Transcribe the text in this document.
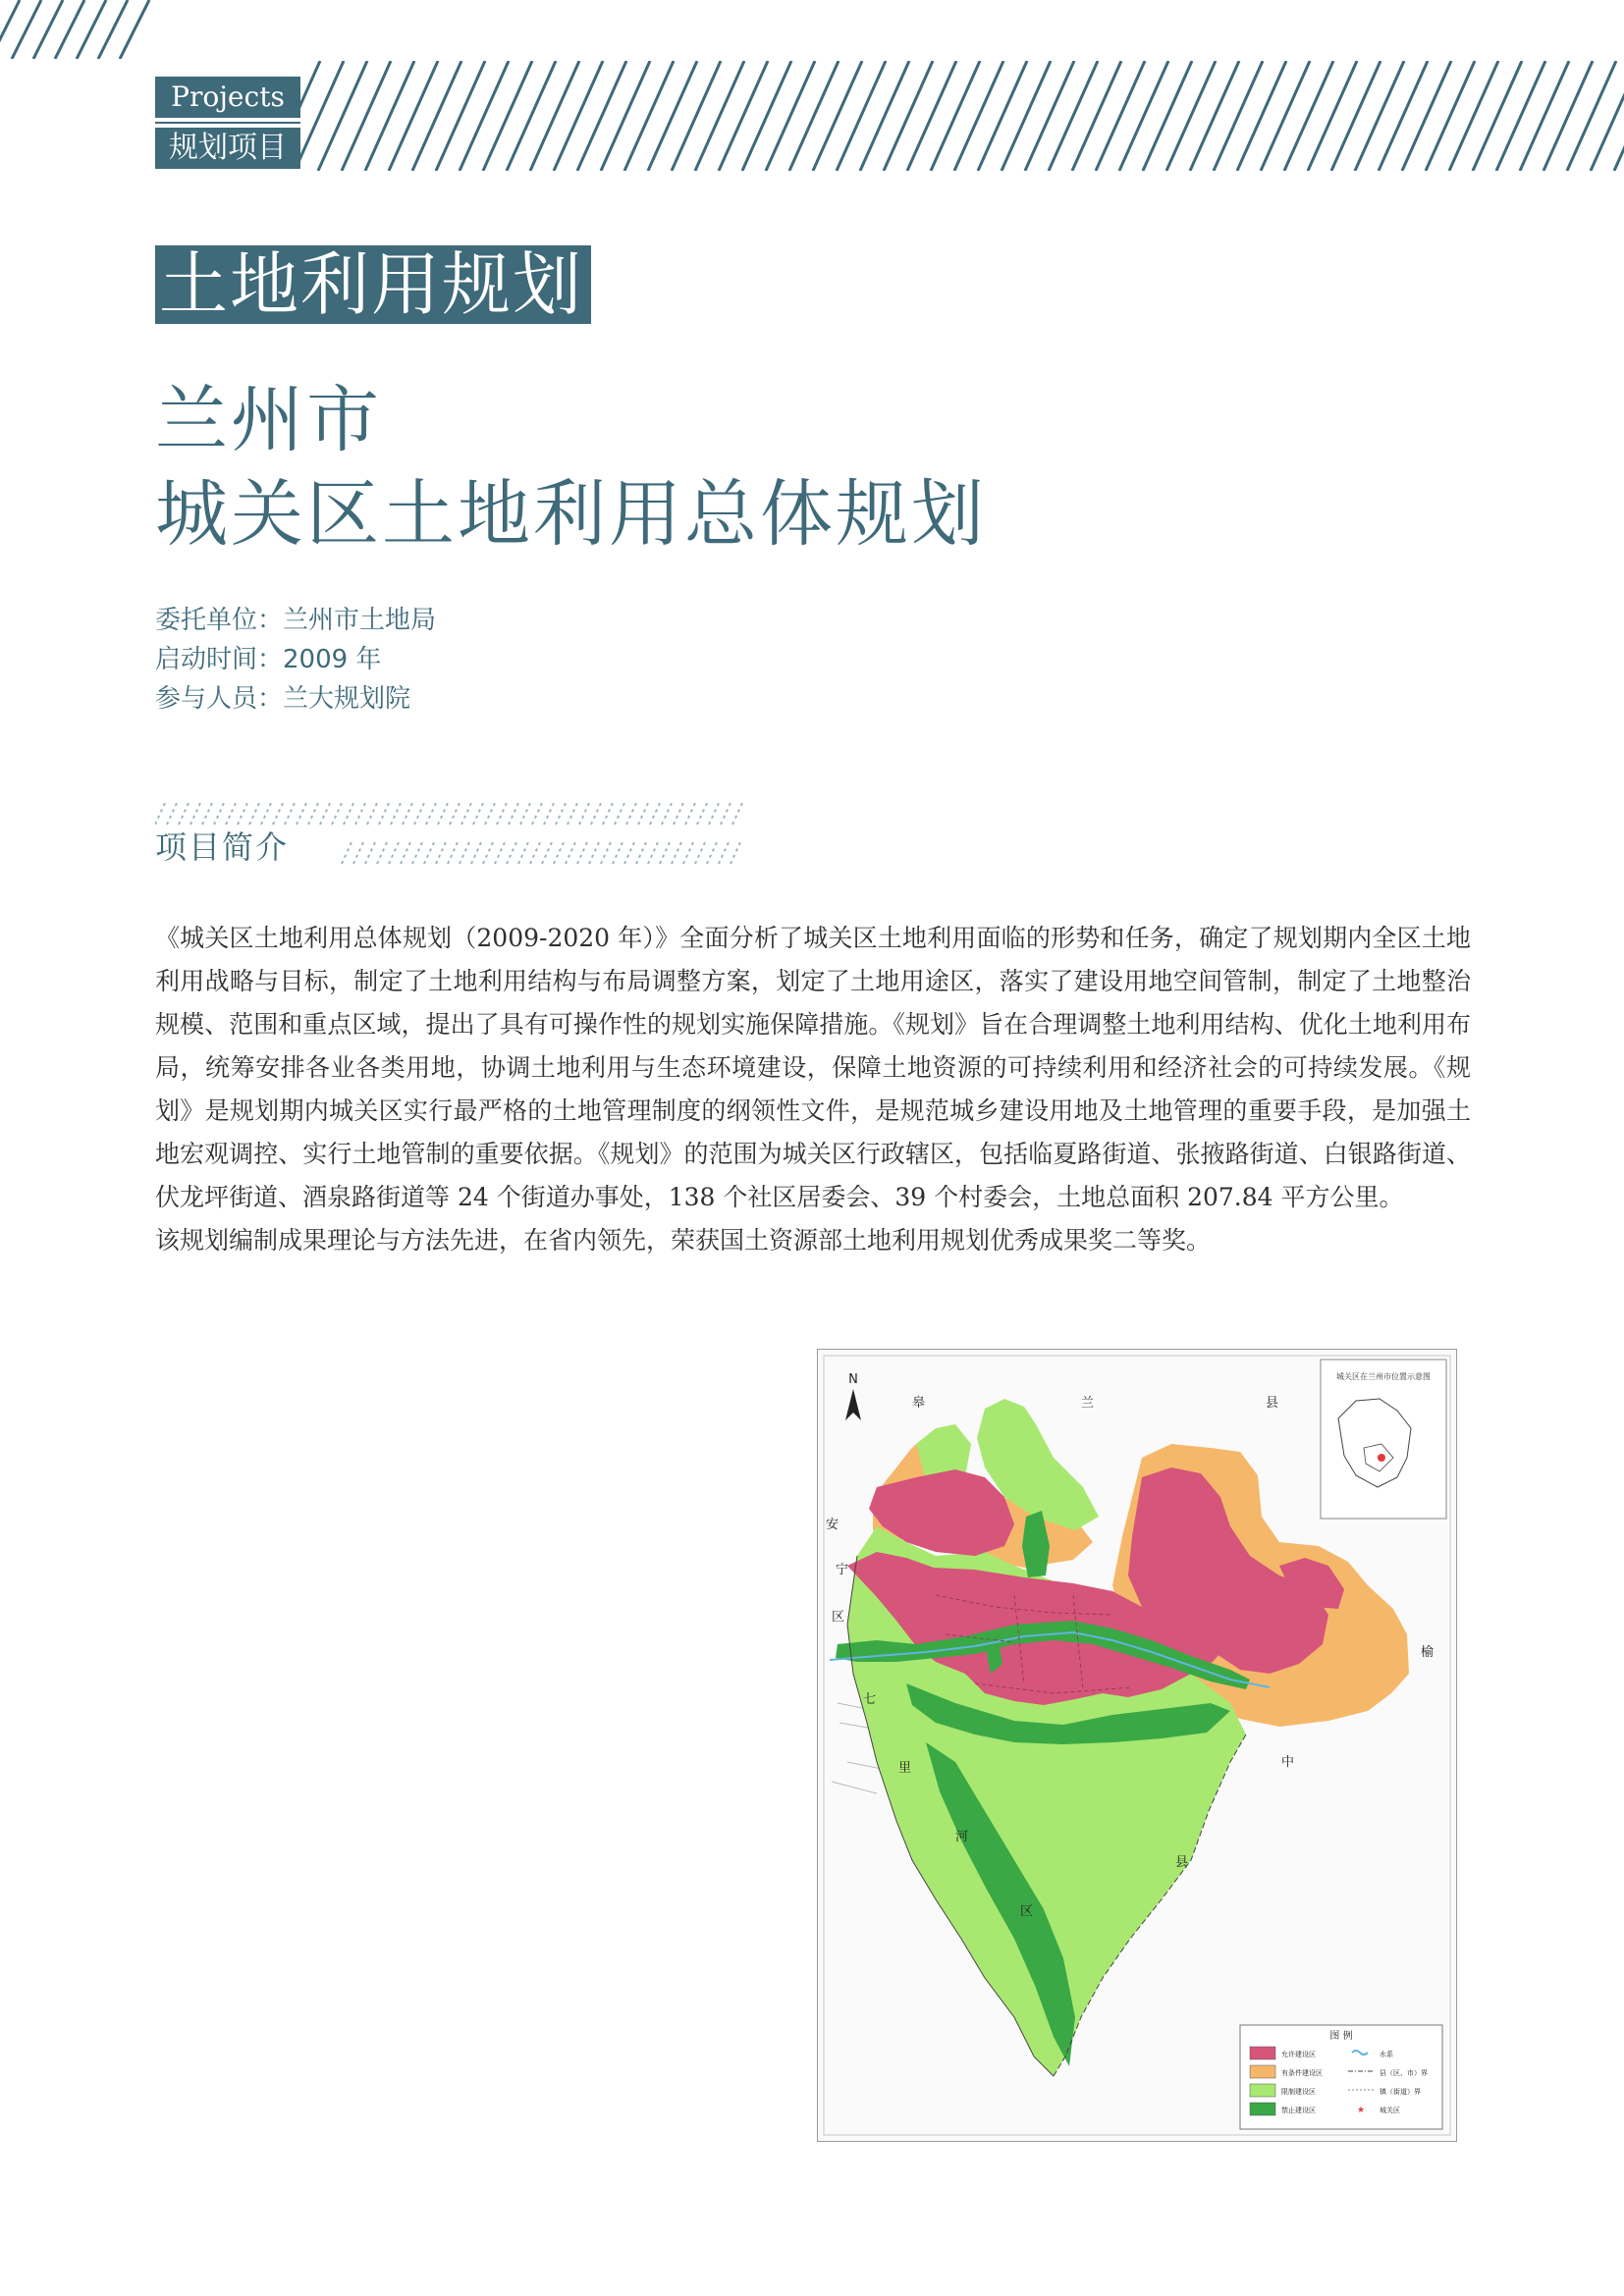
Projects
规划项目
土地利用规划
兰州市
城关区土地利用总体规划
委托单位：兰州市土地局
启动时间：2009 年
参与人员：兰大规划院
项目简介

《城关区土地利用总体规划（2009-2020 年）》全面分析了城关区土地利用面临的形势和任务，确定了规划期内全区土地利用战略与目标，制定了土地利用结构与布局调整方案，划定了土地用途区，落实了建设用地空间管制，制定了土地整治规模、范围和重点区域，提出了具有可操作性的规划实施保障措施。《规划》旨在合理调整土地利用结构、优化土地利用布局，统筹安排各业各类用地，协调土地利用与生态环境建设，保障土地资源的可持续利用和经济社会的可持续发展。《规划》是规划期内城关区实行最严格的土地管理制度的纲领性文件，是规范城乡建设用地及土地管理的重要手段，是加强土地宏观调控、实行土地管制的重要依据。《规划》的范围为城关区行政辖区，包括临夏路街道、张掖路街道、白银路街道、伏龙坪街道、酒泉路街道等 24 个街道办事处，138 个社区居委会、39 个村委会，土地总面积 207.84 平方公里。

该规划编制成果理论与方法先进，在省内领先，荣获国土资源部土地利用规划优秀成果奖二等奖。

N	城关区在兰州市位置示意图
皋	兰	县
安
宁
区
榆
七
里
河
区
中
县
图 例
允许建设区
有条件建设区
限制建设区
禁止建设区
水系
县（区、市）界
镇（街道）界
★ 城关区
